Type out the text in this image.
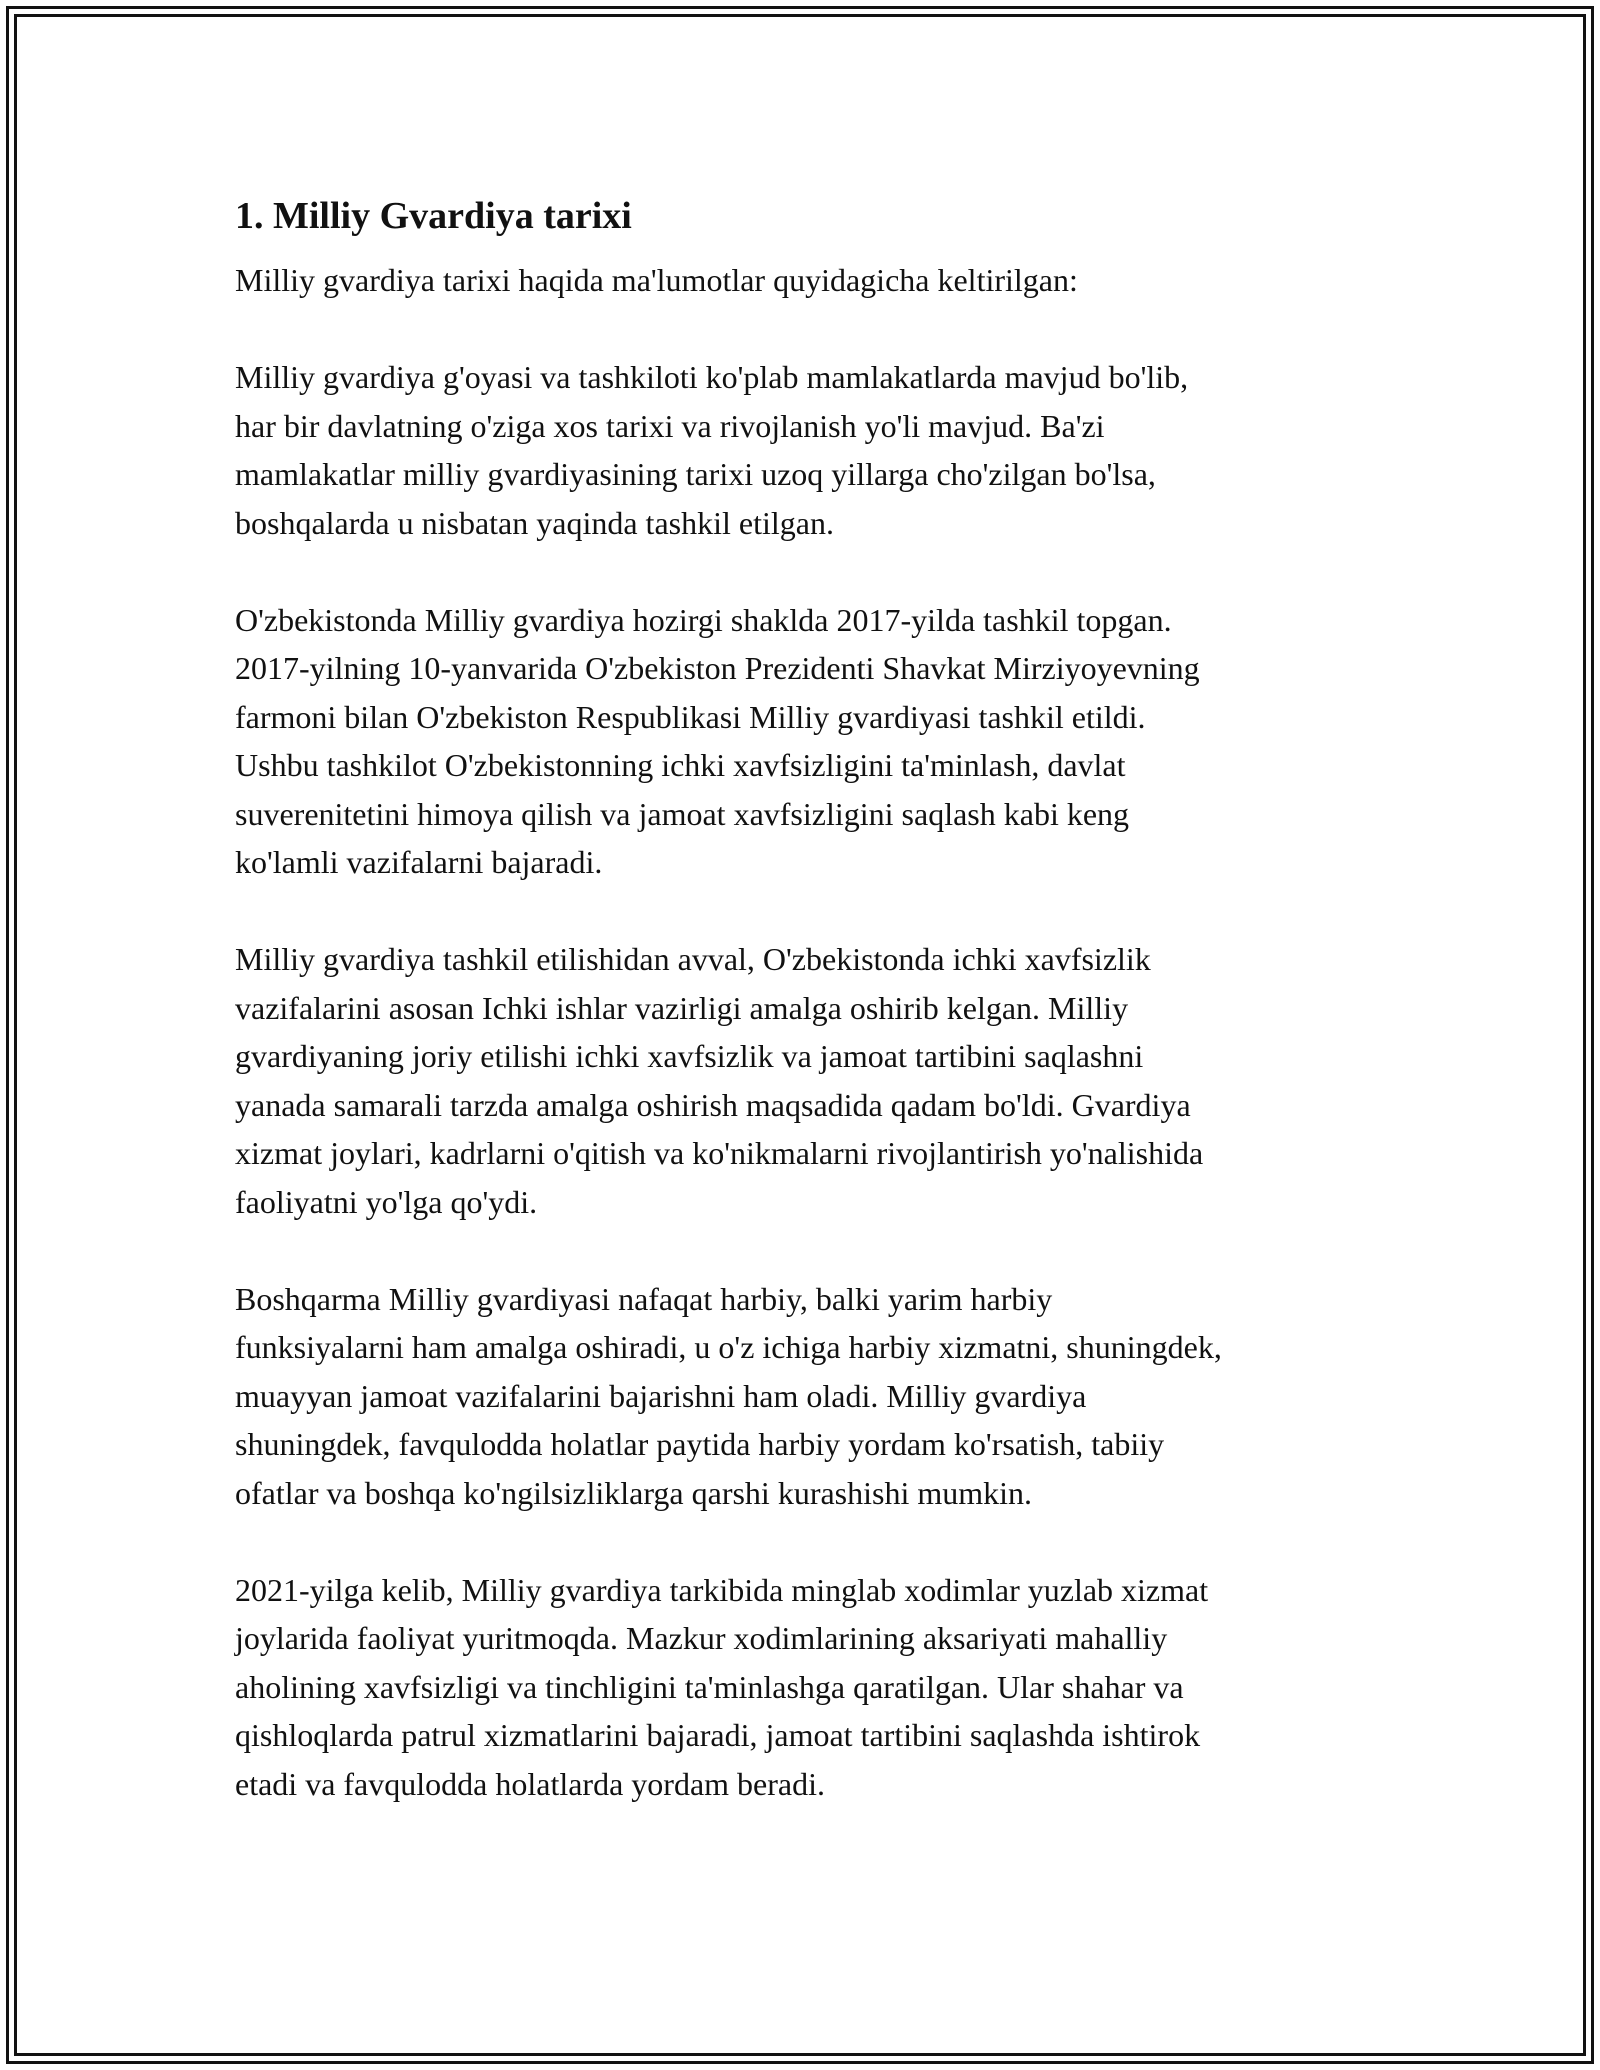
1. Milliy Gvardiya tarixi

Milliy gvardiya tarixi haqida ma'lumotlar quyidagicha keltirilgan:

Milliy gvardiya g'oyasi va tashkiloti ko'plab mamlakatlarda mavjud bo'lib,
har bir davlatning o'ziga xos tarixi va rivojlanish yo'li mavjud. Ba'zi
mamlakatlar milliy gvardiyasining tarixi uzoq yillarga cho'zilgan bo'lsa,
boshqalarda u nisbatan yaqinda tashkil etilgan.

O'zbekistonda Milliy gvardiya hozirgi shaklda 2017-yilda tashkil topgan.
2017-yilning 10-yanvarida O'zbekiston Prezidenti Shavkat Mirziyoyevning
farmoni bilan O'zbekiston Respublikasi Milliy gvardiyasi tashkil etildi.
Ushbu tashkilot O'zbekistonning ichki xavfsizligini ta'minlash, davlat
suverenitetini himoya qilish va jamoat xavfsizligini saqlash kabi keng
ko'lamli vazifalarni bajaradi.

Milliy gvardiya tashkil etilishidan avval, O'zbekistonda ichki xavfsizlik
vazifalarini asosan Ichki ishlar vazirligi amalga oshirib kelgan. Milliy
gvardiyaning joriy etilishi ichki xavfsizlik va jamoat tartibini saqlashni
yanada samarali tarzda amalga oshirish maqsadida qadam bo'ldi. Gvardiya
xizmat joylari, kadrlarni o'qitish va ko'nikmalarni rivojlantirish yo'nalishida
faoliyatni yo'lga qo'ydi.

Boshqarma Milliy gvardiyasi nafaqat harbiy, balki yarim harbiy
funksiyalarni ham amalga oshiradi, u o'z ichiga harbiy xizmatni, shuningdek,
muayyan jamoat vazifalarini bajarishni ham oladi. Milliy gvardiya
shuningdek, favqulodda holatlar paytida harbiy yordam ko'rsatish, tabiiy
ofatlar va boshqa ko'ngilsizliklarga qarshi kurashishi mumkin.

2021-yilga kelib, Milliy gvardiya tarkibida minglab xodimlar yuzlab xizmat
joylarida faoliyat yuritmoqda. Mazkur xodimlarining aksariyati mahalliy
aholining xavfsizligi va tinchligini ta'minlashga qaratilgan. Ular shahar va
qishloqlarda patrul xizmatlarini bajaradi, jamoat tartibini saqlashda ishtirok
etadi va favqulodda holatlarda yordam beradi.
